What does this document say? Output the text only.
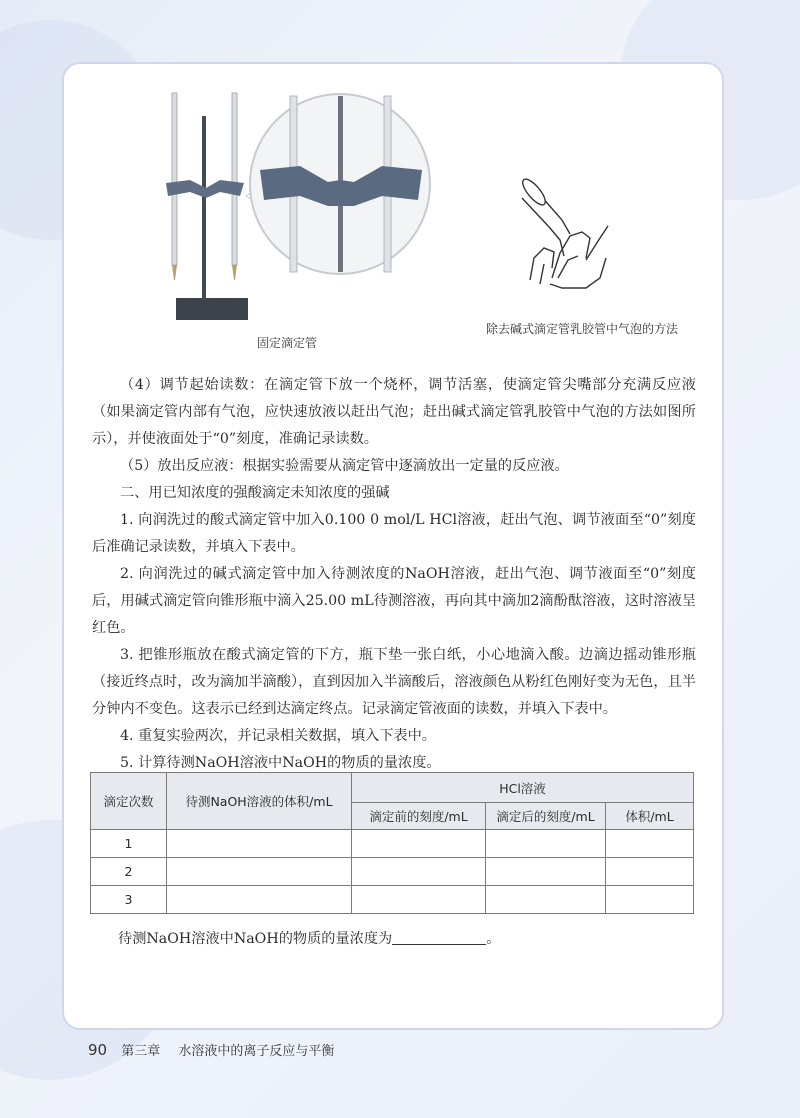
固定滴定管
除去碱式滴定管乳胶管中气泡的方法

（4）调节起始读数：在滴定管下放一个烧杯，调节活塞，使滴定管尖嘴部分充满反应液（如果滴定管内部有气泡，应快速放液以赶出气泡；赶出碱式滴定管乳胶管中气泡的方法如图所示），并使液面处于“0”刻度，准确记录读数。

（5）放出反应液：根据实验需要从滴定管中逐滴放出一定量的反应液。

二、用已知浓度的强酸滴定未知浓度的强碱

1. 向润洗过的酸式滴定管中加入0.100 0 mol/L HCl溶液，赶出气泡、调节液面至“0”刻度后准确记录读数，并填入下表中。

2. 向润洗过的碱式滴定管中加入待测浓度的NaOH溶液，赶出气泡、调节液面至“0”刻度后，用碱式滴定管向锥形瓶中滴入25.00 mL待测溶液，再向其中滴加2滴酚酞溶液，这时溶液呈红色。

3. 把锥形瓶放在酸式滴定管的下方，瓶下垫一张白纸，小心地滴入酸。边滴边摇动锥形瓶（接近终点时，改为滴加半滴酸），直到因加入半滴酸后，溶液颜色从粉红色刚好变为无色，且半分钟内不变色。这表示已经到达滴定终点。记录滴定管液面的读数，并填入下表中。

4. 重复实验两次，并记录相关数据，填入下表中。

5. 计算待测NaOH溶液中NaOH的物质的量浓度。

滴定次数	待测NaOH溶液的体积/mL	HCl溶液		
		滴定前的刻度/mL	滴定后的刻度/mL	体积/mL
1				
2				
3				
待测NaOH溶液中NaOH的物质的量浓度为	。
90 第三章 水溶液中的离子反应与平衡
